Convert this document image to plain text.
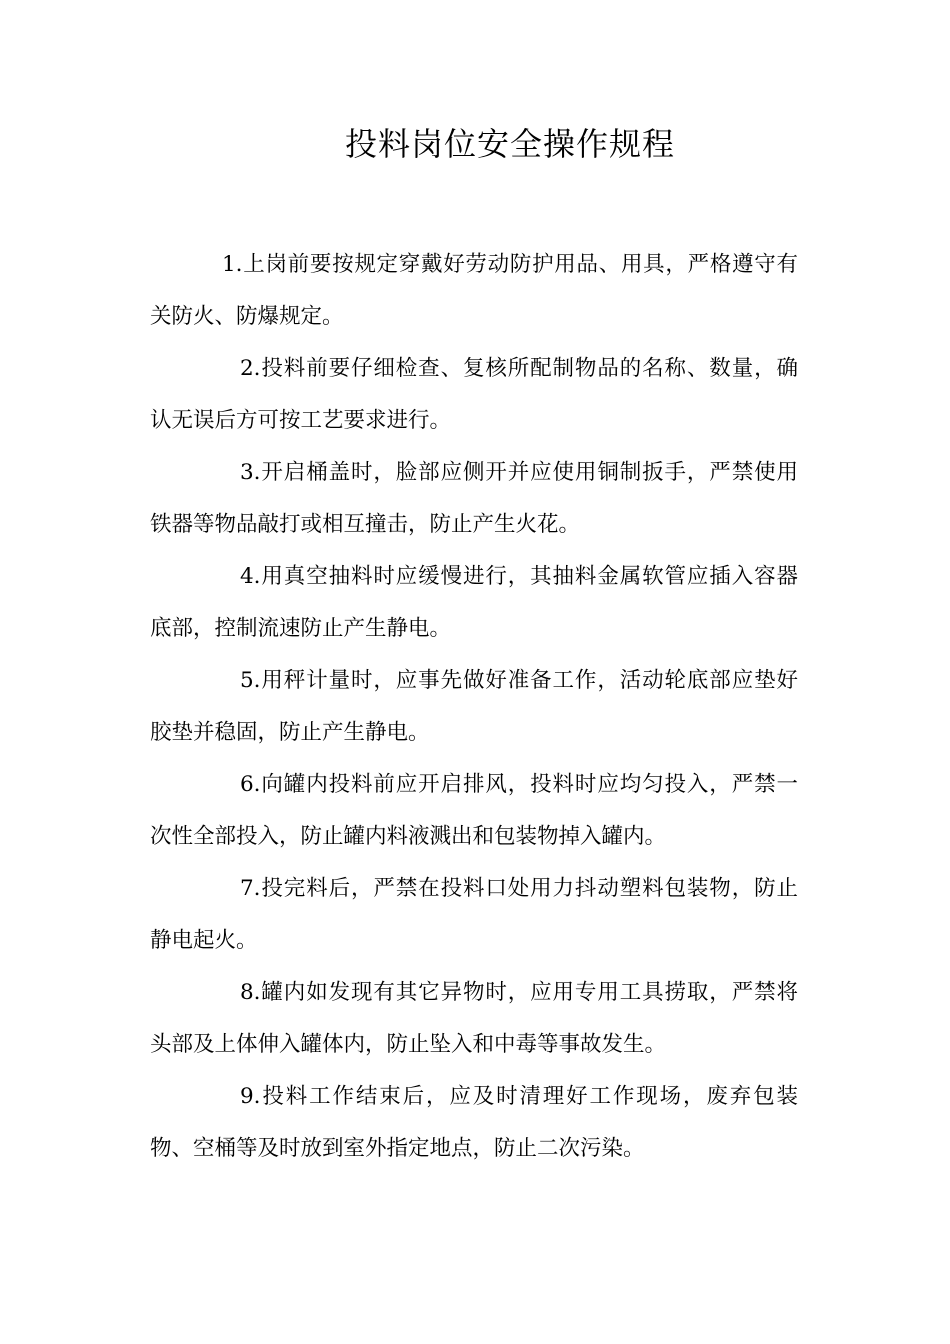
投料岗位安全操作规程

1.上岗前要按规定穿戴好劳动防护用品、用具，严格遵守有关防火、防爆规定。

2.投料前要仔细检查、复核所配制物品的名称、数量，确认无误后方可按工艺要求进行。

3.开启桶盖时，脸部应侧开并应使用铜制扳手，严禁使用铁器等物品敲打或相互撞击，防止产生火花。

4.用真空抽料时应缓慢进行，其抽料金属软管应插入容器底部，控制流速防止产生静电。

5.用秤计量时，应事先做好准备工作，活动轮底部应垫好胶垫并稳固，防止产生静电。

6.向罐内投料前应开启排风，投料时应均匀投入，严禁一次性全部投入，防止罐内料液溅出和包装物掉入罐内。

7.投完料后，严禁在投料口处用力抖动塑料包装物，防止静电起火。

8.罐内如发现有其它异物时，应用专用工具捞取，严禁将头部及上体伸入罐体内，防止坠入和中毒等事故发生。

9.投料工作结束后，应及时清理好工作现场，废弃包装物、空桶等及时放到室外指定地点，防止二次污染。
